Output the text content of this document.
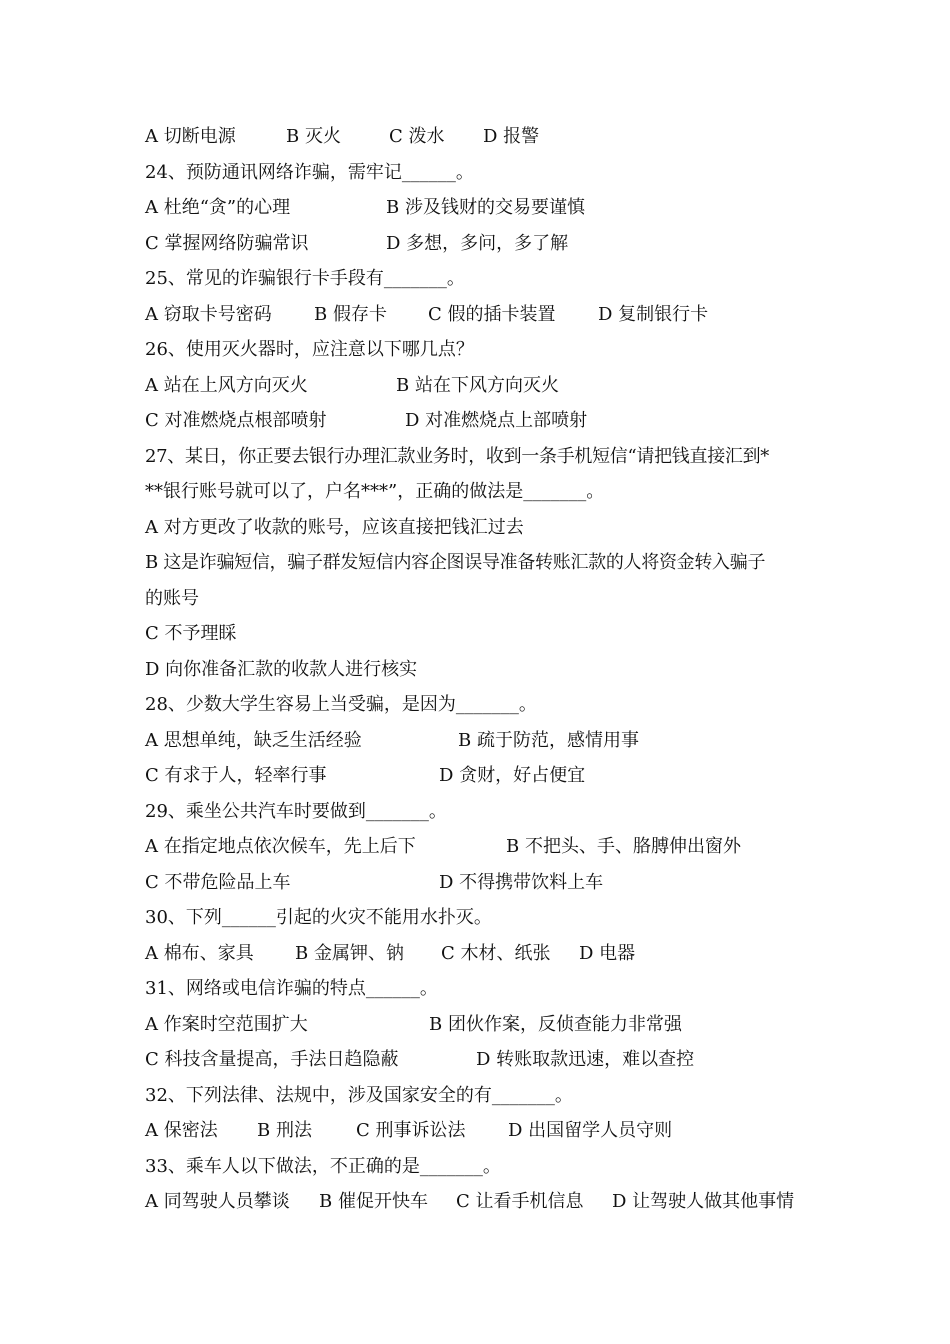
A 切断电源	B 灭火	C 泼水 D 报警
24、预防通讯网络诈骗，需牢记______。
A 杜绝“贪”的心理	B 涉及钱财的交易要谨慎
C 掌握网络防骗常识	D 多想，多问，多了解
25、常见的诈骗银行卡手段有_______。
A 窃取卡号密码 B 假存卡 C 假的插卡装置 D 复制银行卡
26、使用灭火器时，应注意以下哪几点？
A 站在上风方向灭火	B 站在下风方向灭火
C 对准燃烧点根部喷射	D 对准燃烧点上部喷射
27、某日，你正要去银行办理汇款业务时，收到一条手机短信“请把钱直接汇到*
**银行账号就可以了，户名***”，正确的做法是_______。
A 对方更改了收款的账号，应该直接把钱汇过去
B 这是诈骗短信，骗子群发短信内容企图误导准备转账汇款的人将资金转入骗子
的账号
C 不予理睬
D 向你准备汇款的收款人进行核实
28、少数大学生容易上当受骗，是因为_______。
A 思想单纯，缺乏生活经验	B 疏于防范，感情用事
C 有求于人，轻率行事	D 贪财，好占便宜
29、乘坐公共汽车时要做到_______。
A 在指定地点依次候车，先上后下	B 不把头、手、胳膊伸出窗外
C 不带危险品上车	D 不得携带饮料上车
30、下列______引起的火灾不能用水扑灭。
A 棉布、家具 B 金属钾、钠 C 木材、纸张 D 电器
31、网络或电信诈骗的特点______。
A 作案时空范围扩大	B 团伙作案，反侦查能力非常强
C 科技含量提高，手法日趋隐蔽	D 转账取款迅速，难以查控
32、下列法律、法规中，涉及国家安全的有_______。
A 保密法 B 刑法 C 刑事诉讼法 D 出国留学人员守则
33、乘车人以下做法，不正确的是_______。
A 同驾驶人员攀谈 B 催促开快车 C 让看手机信息 D 让驾驶人做其他事情
